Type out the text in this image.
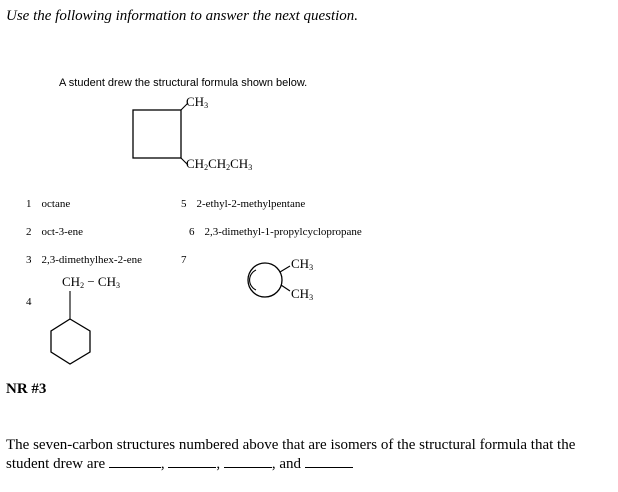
Use the following information to answer the next question.
A student drew the structural formula shown below.
$CH_3$
$CH_2CH_2CH_3$
1 octane
2 oct-3-ene
3 2,3-dimethylhex-2-ene
4
5 2-ethyl-2-methylpentane
6 2,3-dimethyl-1-propylcyclopropane
7
$CH_2 - CH_3$
$CH_3$
$CH_3$
NR #3
The seven-carbon structures numbered above that are isomers of the structural formula that the student drew are	,	,	, and
